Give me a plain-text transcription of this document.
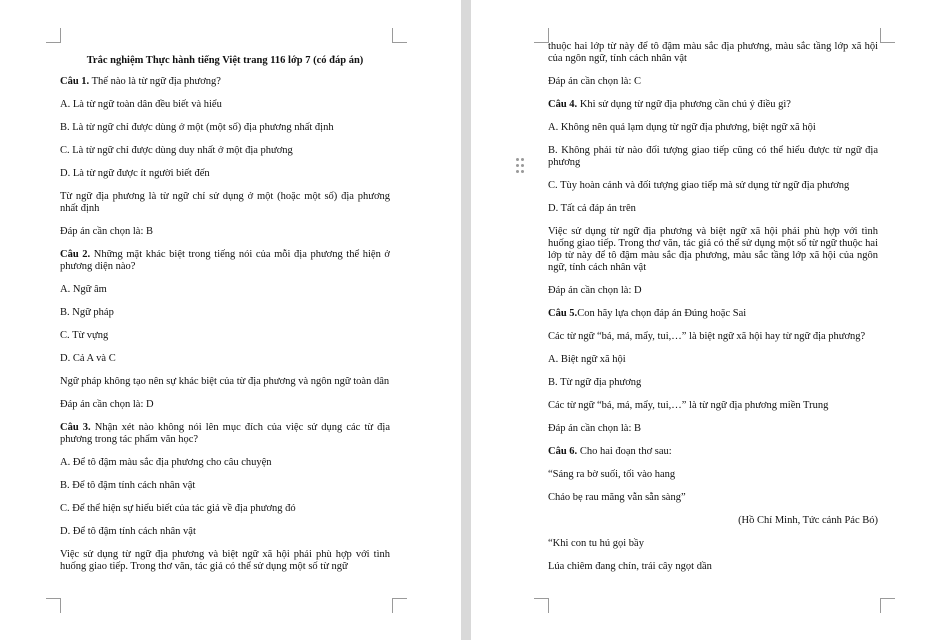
Trắc nghiệm Thực hành tiếng Việt trang 116 lớp 7 (có đáp án)
Câu 1. Thế nào là từ ngữ địa phương?
A. Là từ ngữ toàn dân đều biết và hiểu
B. Là từ ngữ chỉ được dùng ở một (một số) địa phương nhất định
C. Là từ ngữ chỉ được dùng duy nhất ở một địa phương
D. Là từ ngữ được ít người biết đến
Từ ngữ địa phương là từ ngữ chỉ sử dụng ở một (hoặc một số) địa phương nhất định
Đáp án cần chọn là: B
Câu 2. Những mặt khác biệt trong tiếng nói của mỗi địa phương thể hiện ở phương diện nào?
A. Ngữ âm
B. Ngữ pháp
C. Từ vựng
D. Cả A và C
Ngữ pháp không tạo nên sự khác biệt của từ địa phương và ngôn ngữ toàn dân
Đáp án cần chọn là: D
Câu 3. Nhận xét nào không nói lên mục đích của việc sử dụng các từ địa phương trong tác phẩm văn học?
A. Để tô đậm màu sắc địa phương cho câu chuyện
B. Để tô đậm tính cách nhân vật
C. Để thể hiện sự hiểu biết của tác giả về địa phương đó
D. Để tô đậm tính cách nhân vật
Việc sử dụng từ ngữ địa phương và biệt ngữ xã hội phải phù hợp với tình huống giao tiếp. Trong thơ văn, tác giả có thể sử dụng một số từ ngữ
thuộc hai lớp từ này để tô đậm màu sắc địa phương, màu sắc tầng lớp xã hội của ngôn ngữ, tính cách nhân vật
Đáp án cần chọn là: C
Câu 4. Khi sử dụng từ ngữ địa phương cần chú ý điều gì?
A. Không nên quá lạm dụng từ ngữ địa phương, biệt ngữ xã hội
B. Không phải từ nào đối tượng giao tiếp cũng có thể hiểu được từ ngữ địa phương
C. Tùy hoàn cảnh và đối tượng giao tiếp mà sử dụng từ ngữ địa phương
D. Tất cả đáp án trên
Việc sử dụng từ ngữ địa phương và biệt ngữ xã hội phải phù hợp với tình huống giao tiếp. Trong thơ văn, tác giả có thể sử dụng một số từ ngữ thuộc hai lớp từ này để tô đậm màu sắc địa phương, màu sắc tầng lớp xã hội của ngôn ngữ, tính cách nhân vật
Đáp án cần chọn là: D
Câu 5.Con hãy lựa chọn đáp án Đúng hoặc Sai
Các từ ngữ “bá, má, mẩy, tui,…” là biệt ngữ xã hội hay từ ngữ địa phương?
A. Biệt ngữ xã hội
B. Từ ngữ địa phương
Các từ ngữ “bá, má, mẩy, tui,…” là từ ngữ địa phương miền Trung
Đáp án cần chọn là: B
Câu 6. Cho hai đoạn thơ sau:
“Sáng ra bờ suối, tối vào hang
Cháo bẹ rau măng vẫn sẵn sàng”
(Hồ Chí Minh, Tức cảnh Pác Bó)
“Khi con tu hú gọi bầy
Lúa chiêm đang chín, trái cây ngọt dần
